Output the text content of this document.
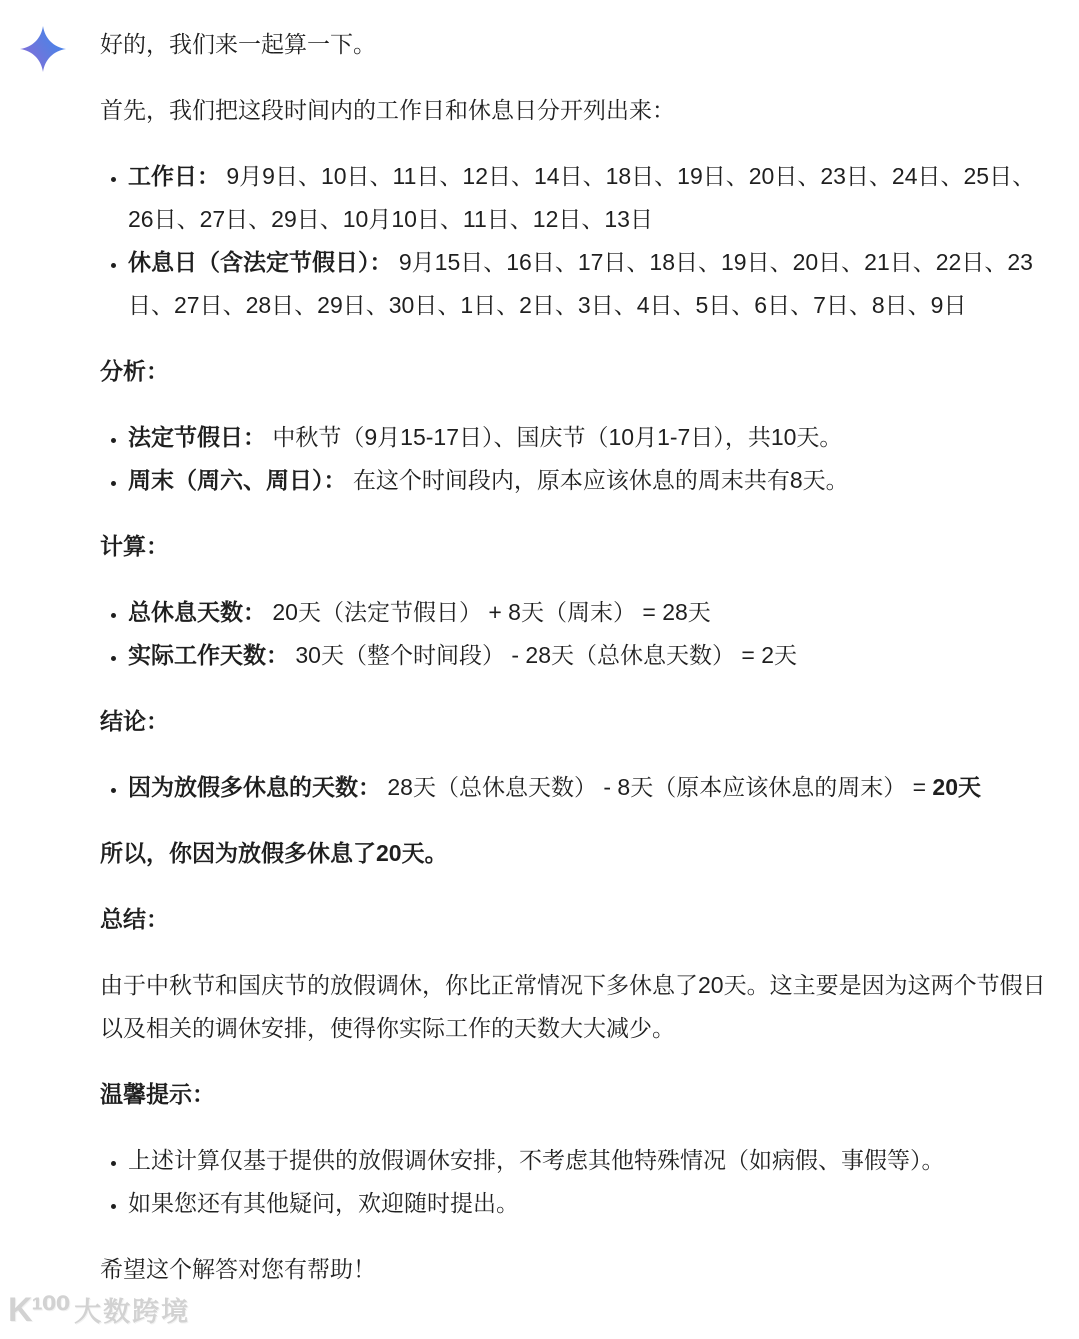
K¹⁰⁰ 大数跨境

好的，我们来一起算一下。

首先，我们把这段时间内的工作日和休息日分开列出来：

• 工作日： 9月9日、10日、11日、12日、14日、18日、19日、20日、23日、24日、25日、26日、27日、29日、10月10日、11日、12日、13日
• 休息日（含法定节假日）： 9月15日、16日、17日、18日、19日、20日、21日、22日、23日、27日、28日、29日、30日、1日、2日、3日、4日、5日、6日、7日、8日、9日
分析：
• 法定节假日： 中秋节（9月15-17日）、国庆节（10月1-7日），共10天。
• 周末（周六、周日）： 在这个时间段内，原本应该休息的周末共有8天。
计算：
• 总休息天数： 20天（法定节假日） + 8天（周末） = 28天
• 实际工作天数： 30天（整个时间段） - 28天（总休息天数） = 2天
结论：
• 因为放假多休息的天数： 28天（总休息天数） - 8天（原本应该休息的周末） = 20天

所以，你因为放假多休息了20天。

总结：

由于中秋节和国庆节的放假调休，你比正常情况下多休息了20天。这主要是因为这两个节假日以及相关的调休安排，使得你实际工作的天数大大减少。

温馨提示：
• 上述计算仅基于提供的放假调休安排，不考虑其他特殊情况（如病假、事假等）。
• 如果您还有其他疑问，欢迎随时提出。

希望这个解答对您有帮助！
